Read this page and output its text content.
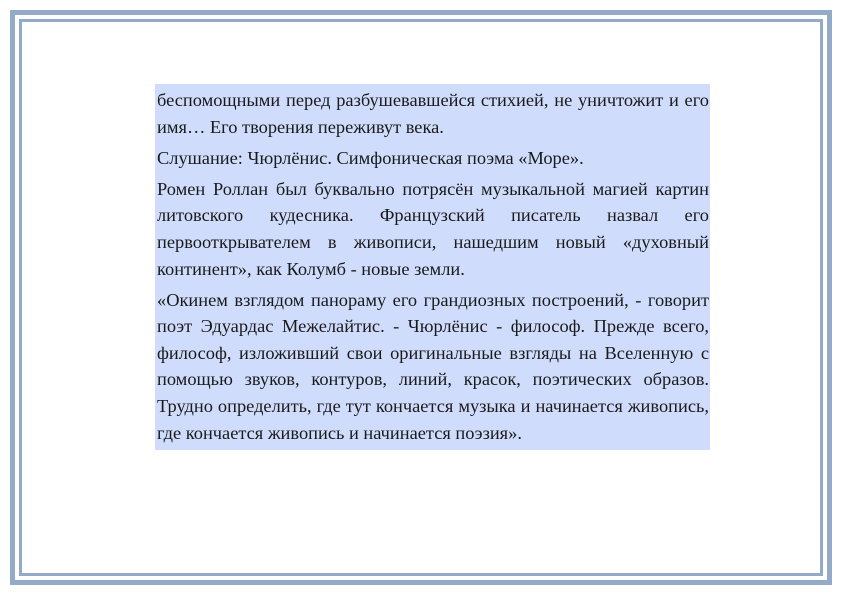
беспомощными перед разбушевавшейся стихией, не уничтожит и его имя… Его творения переживут века.

Слушание: Чюрлёнис. Симфоническая поэма «Море».

Ромен Роллан был буквально потрясён музыкальной магией картин литовского кудесника. Французский писатель назвал его первооткрывателем в живописи, нашедшим новый «духовный континент», как Колумб - новые земли.

«Окинем взглядом панораму его грандиозных построений, - говорит поэт Эдуардас Межелайтис. - Чюрлёнис - философ. Прежде всего, философ, изложивший свои оригинальные взгляды на Вселенную с помощью звуков, контуров, линий, красок, поэтических образов. Трудно определить, где тут кончается музыка и начинается живопись, где кончается живопись и начинается поэзия».
